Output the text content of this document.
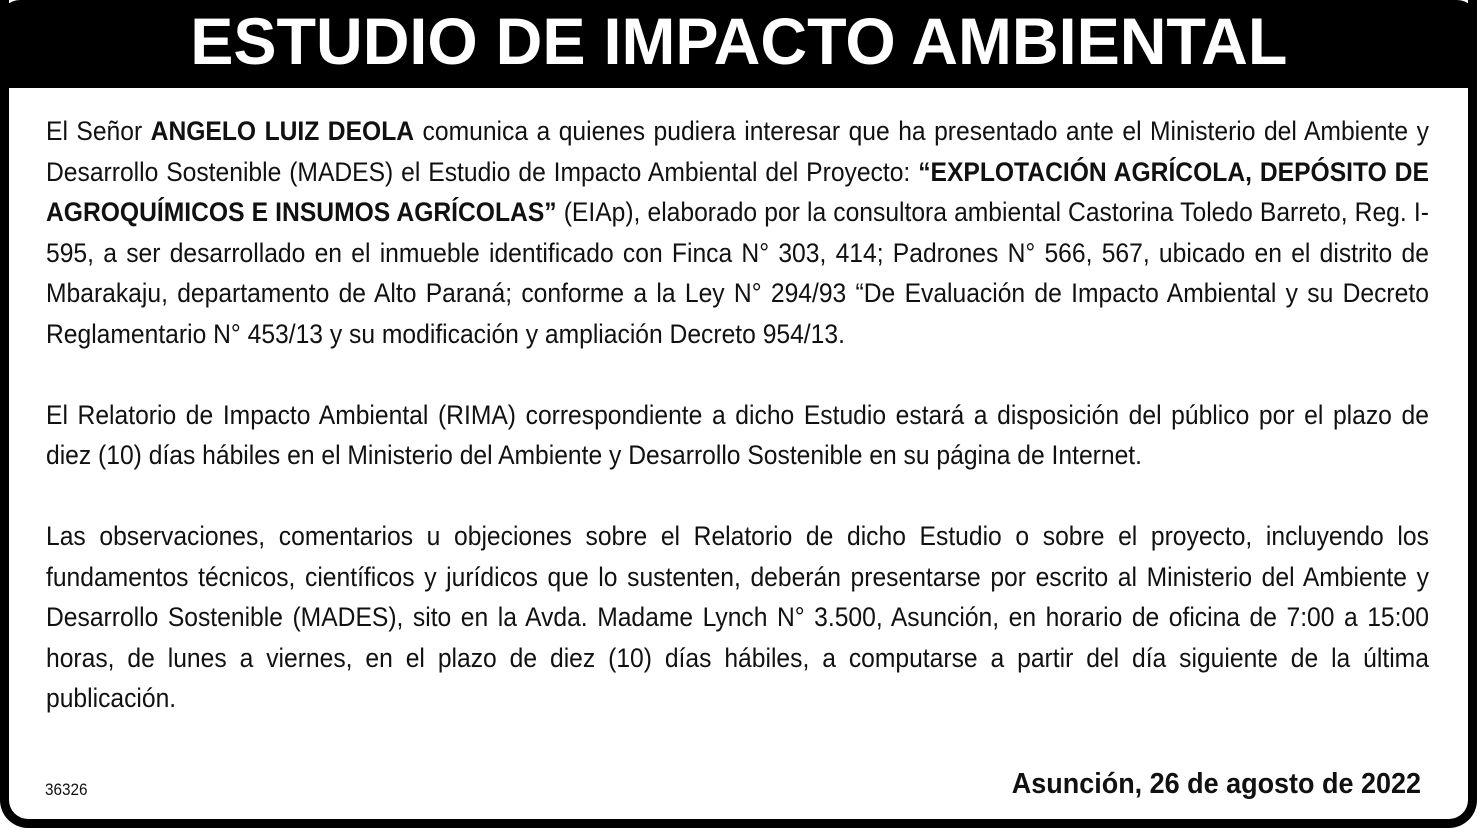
ESTUDIO DE IMPACTO AMBIENTAL

El Señor ANGELO LUIZ DEOLA comunica a quienes pudiera interesar que ha presentado ante el Ministerio del Ambiente y Desarrollo Sostenible (MADES) el Estudio de Impacto Ambiental del Proyecto: “EXPLOTACIÓN AGRÍCOLA, DEPÓSITO DE AGROQUÍMICOS E INSUMOS AGRÍCOLAS” (EIAp), elaborado por la consultora ambiental Castorina Toledo Barreto, Reg. I-595, a ser desarrollado en el inmueble identificado con Finca N° 303, 414; Padrones N° 566, 567, ubicado en el distrito de Mbarakaju, departamento de Alto Paraná; conforme a la Ley N° 294/93 “De Evaluación de Impacto Ambiental y su Decreto Reglamentario N° 453/13 y su modificación y ampliación Decreto 954/13.

El Relatorio de Impacto Ambiental (RIMA) correspondiente a dicho Estudio estará a disposición del público por el plazo de diez (10) días hábiles en el Ministerio del Ambiente y Desarrollo Sostenible en su página de Internet.

Las observaciones, comentarios u objeciones sobre el Relatorio de dicho Estudio o sobre el proyecto, incluyendo los fundamentos técnicos, científicos y jurídicos que lo sustenten, deberán presentarse por escrito al Ministerio del Ambiente y Desarrollo Sostenible (MADES), sito en la Avda. Madame Lynch N° 3.500, Asunción, en horario de oficina de 7:00 a 15:00 horas, de lunes a viernes, en el plazo de diez (10) días hábiles, a computarse a partir del día siguiente de la última publicación.

36326	Asunción, 26 de agosto de 2022
